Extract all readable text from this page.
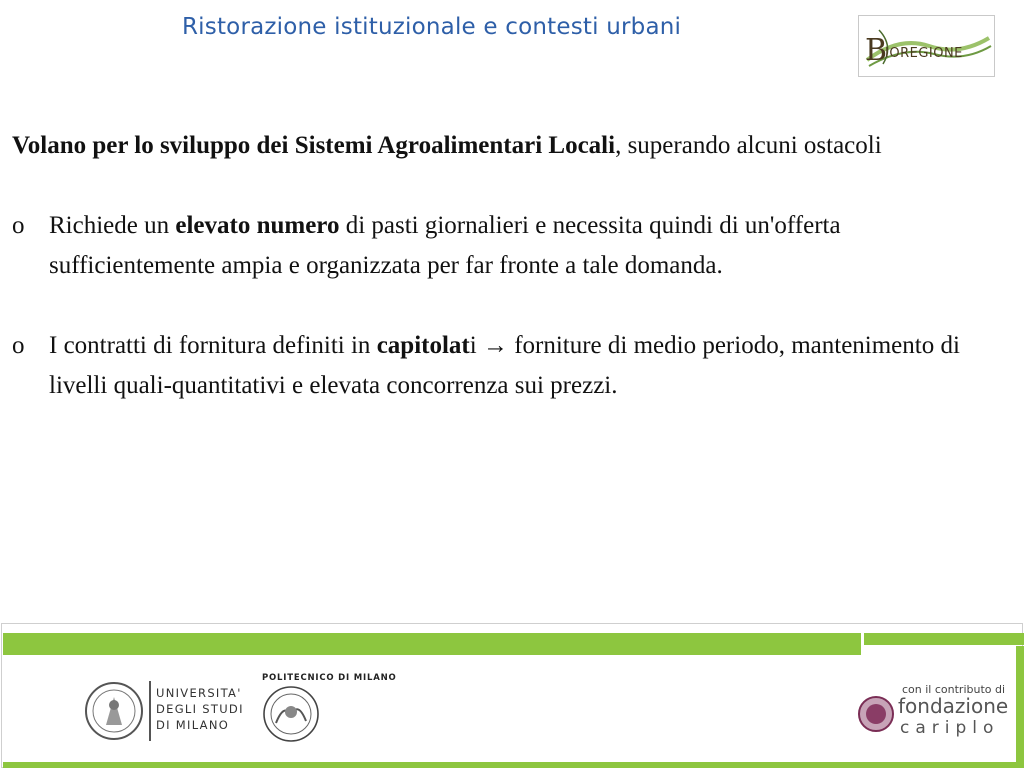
Ristorazione istituzionale e contesti urbani
B
IOREGIONE

Volano per lo sviluppo dei Sistemi Agroalimentari Locali, superando alcuni ostacoli

o Richiede un elevato numero di pasti giornalieri e necessita quindi di un'offerta sufficientemente ampia e organizzata per far fronte a tale domanda.

o I contratti di fornitura definiti in capitolati → forniture di medio periodo, mantenimento di livelli quali-quantitativi e elevata concorrenza sui prezzi.

UNIVERSITA'
DEGLI STUDI
DI MILANO
POLITECNICO DI MILANO
con il contributo di
fondazione
cariplo
